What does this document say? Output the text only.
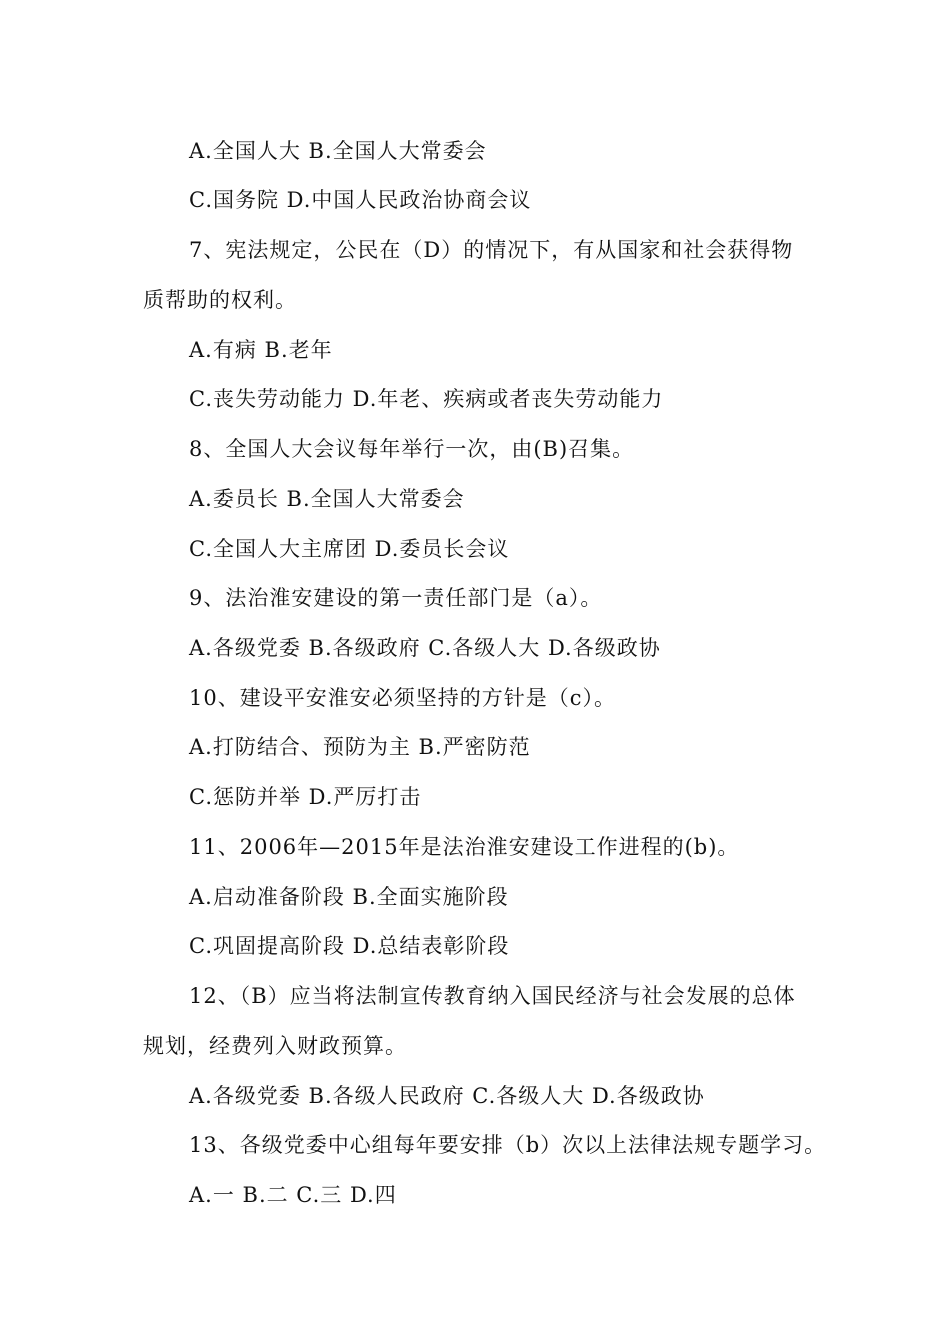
A.全国人大 B.全国人大常委会
C.国务院 D.中国人民政治协商会议
7、宪法规定，公民在（D）的情况下，有从国家和社会获得物
质帮助的权利。
A.有病 B.老年
C.丧失劳动能力 D.年老、疾病或者丧失劳动能力
8、全国人大会议每年举行一次，由(B)召集。
A.委员长 B.全国人大常委会
C.全国人大主席团 D.委员长会议
9、法治淮安建设的第一责任部门是（a）。
A.各级党委 B.各级政府 C.各级人大 D.各级政协
10、建设平安淮安必须坚持的方针是（c）。
A.打防结合、预防为主 B.严密防范
C.惩防并举 D.严厉打击
11、2006年—2015年是法治淮安建设工作进程的(b)。
A.启动准备阶段 B.全面实施阶段
C.巩固提高阶段 D.总结表彰阶段
12、（B）应当将法制宣传教育纳入国民经济与社会发展的总体
规划，经费列入财政预算。
A.各级党委 B.各级人民政府 C.各级人大 D.各级政协
13、各级党委中心组每年要安排（b）次以上法律法规专题学习。
A.一 B.二 C.三 D.四
